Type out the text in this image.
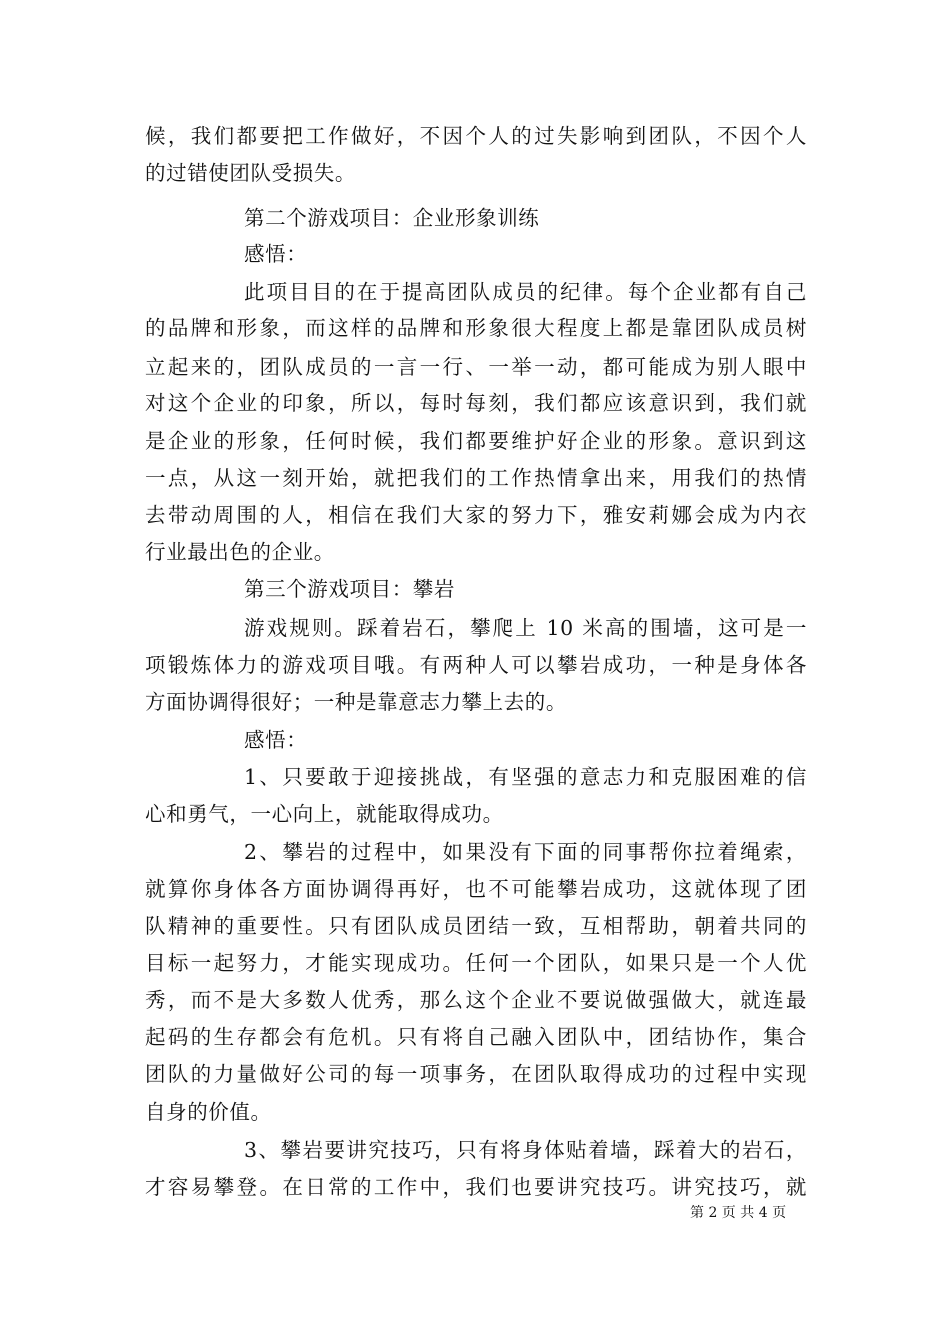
候，我们都要把工作做好，不因个人的过失影响到团队，不因个人
的过错使团队受损失。
第二个游戏项目：企业形象训练
感悟：
此项目目的在于提高团队成员的纪律。每个企业都有自己
的品牌和形象，而这样的品牌和形象很大程度上都是靠团队成员树
立起来的，团队成员的一言一行、一举一动，都可能成为别人眼中
对这个企业的印象，所以，每时每刻，我们都应该意识到，我们就
是企业的形象，任何时候，我们都要维护好企业的形象。意识到这
一点，从这一刻开始，就把我们的工作热情拿出来，用我们的热情
去带动周围的人，相信在我们大家的努力下，雅安莉娜会成为内衣
行业最出色的企业。
第三个游戏项目：攀岩
游戏规则。踩着岩石，攀爬上 10 米高的围墙，这可是一
项锻炼体力的游戏项目哦。有两种人可以攀岩成功，一种是身体各
方面协调得很好；一种是靠意志力攀上去的。
感悟：
1、只要敢于迎接挑战，有坚强的意志力和克服困难的信
心和勇气，一心向上，就能取得成功。
2、攀岩的过程中，如果没有下面的同事帮你拉着绳索，
就算你身体各方面协调得再好，也不可能攀岩成功，这就体现了团
队精神的重要性。只有团队成员团结一致，互相帮助，朝着共同的
目标一起努力，才能实现成功。任何一个团队，如果只是一个人优
秀，而不是大多数人优秀，那么这个企业不要说做强做大，就连最
起码的生存都会有危机。只有将自己融入团队中，团结协作，集合
团队的力量做好公司的每一项事务，在团队取得成功的过程中实现
自身的价值。
3、攀岩要讲究技巧，只有将身体贴着墙，踩着大的岩石，
才容易攀登。在日常的工作中，我们也要讲究技巧。讲究技巧，就
第 2 页 共 4 页
